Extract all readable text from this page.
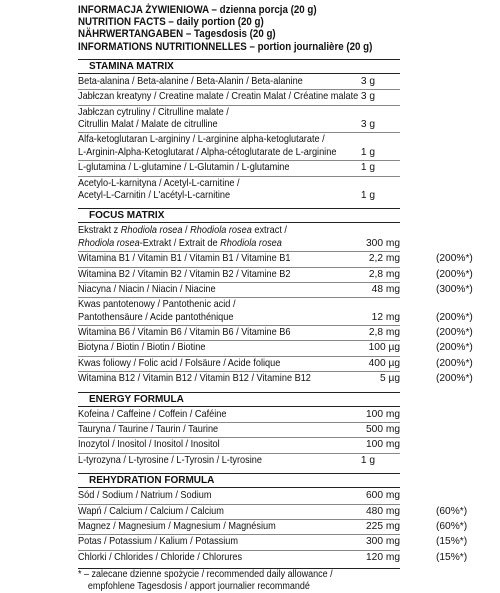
INFORMACJA ŻYWIENIOWA – dzienna porcja (20 g)
NUTRITION FACTS – daily portion (20 g)
NÄHRWERTANGABEN – Tagesdosis (20 g)
INFORMATIONS NUTRITIONNELLES – portion journalière (20 g)
STAMINA MATRIX
Beta-alanina / Beta-alanine / Beta-Alanin / Beta-alanine	3 g
Jabłczan kreatyny / Creatine malate / Creatin Malat / Créatine malate 3 g
Jabłczan cytruliny / Citrulline malate /
Citrullin Malat / Malate de citrulline	3 g
Alfa-ketoglutaran L-argininy / L-arginine alpha-ketoglutarate /
L-Arginin-Alpha-Ketoglutarat / Alpha-cétoglutarate de L-arginine	1 g
L-glutamina / L-glutamine / L-Glutamin / L-glutamine	1 g
Acetylo-L-karnityna / Acetyl-L-carnitine /
Acetyl-L-Carnitin / L'acétyl-L-carnitine	1 g
FOCUS MATRIX
Ekstrakt z Rhodiola rosea / Rhodiola rosea extract /
Rhodiola rosea-Extrakt / Extrait de Rhodiola rosea	300 mg
Witamina B1 / Vitamin B1 / Vitamin B1 / Vitamine B1	2,2 mg	(200%*)
Witamina B2 / Vitamin B2 / Vitamin B2 / Vitamine B2	2,8 mg	(200%*)
Niacyna / Niacin / Niacin / Niacine	48 mg	(300%*)
Kwas pantotenowy / Pantothenic acid /
Pantothensäure / Acide pantothénique	12 mg	(200%*)
Witamina B6 / Vitamin B6 / Vitamin B6 / Vitamine B6	2,8 mg	(200%*)
Biotyna / Biotin / Biotin / Biotine	100 µg	(200%*)
Kwas foliowy / Folic acid / Folsäure / Acide folique	400 µg	(200%*)
Witamina B12 / Vitamin B12 / Vitamin B12 / Vitamine B12	5 µg	(200%*)
ENERGY FORMULA
Kofeina / Caffeine / Coffein / Caféine	100 mg
Tauryna / Taurine / Taurin / Taurine	500 mg
Inozytol / Inositol / Inositol / Inositol	100 mg
L-tyrozyna / L-tyrosine / L-Tyrosin / L-tyrosine	1 g
REHYDRATION FORMULA
Sód / Sodium / Natrium / Sodium	600 mg
Wapń / Calcium / Calcium / Calcium	480 mg	(60%*)
Magnez / Magnesium / Magnesium / Magnésium	225 mg	(60%*)
Potas / Potassium / Kalium / Potassium	300 mg	(15%*)
Chlorki / Chlorides / Chloride / Chlorures	120 mg	(15%*)
* – zalecane dzienne spożycie / recommended daily allowance /
empfohlene Tagesdosis / apport journalier recommandé
